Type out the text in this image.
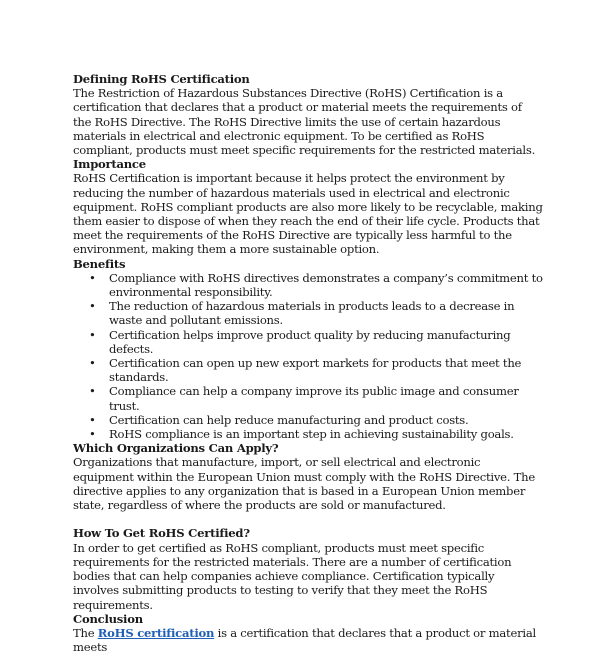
Defining RoHS Certification

The Restriction of Hazardous Substances Directive (RoHS) Certification is a certification that declares that a product or material meets the requirements of the RoHS Directive. The RoHS Directive limits the use of certain hazardous materials in electrical and electronic equipment. To be certified as RoHS compliant, products must meet specific requirements for the restricted materials.

Importance

RoHS Certification is important because it helps protect the environment by reducing the number of hazardous materials used in electrical and electronic equipment. RoHS compliant products are also more likely to be recyclable, making them easier to dispose of when they reach the end of their life cycle. Products that meet the requirements of the RoHS Directive are typically less harmful to the environment, making them a more sustainable option.

Benefits

• Compliance with RoHS directives demonstrates a company’s commitment to environmental responsibility.
• The reduction of hazardous materials in products leads to a decrease in waste and pollutant emissions.
• Certification helps improve product quality by reducing manufacturing defects.
• Certification can open up new export markets for products that meet the standards.
• Compliance can help a company improve its public image and consumer trust.
• Certification can help reduce manufacturing and product costs.
• RoHS compliance is an important step in achieving sustainability goals.

Which Organizations Can Apply?

Organizations that manufacture, import, or sell electrical and electronic equipment within the European Union must comply with the RoHS Directive. The directive applies to any organization that is based in a European Union member state, regardless of where the products are sold or manufactured.

How To Get RoHS Certified?

In order to get certified as RoHS compliant, products must meet specific requirements for the restricted materials. There are a number of certification bodies that can help companies achieve compliance. Certification typically involves submitting products to testing to verify that they meet the RoHS requirements.

Conclusion

The RoHS certification is a certification that declares that a product or material meets
